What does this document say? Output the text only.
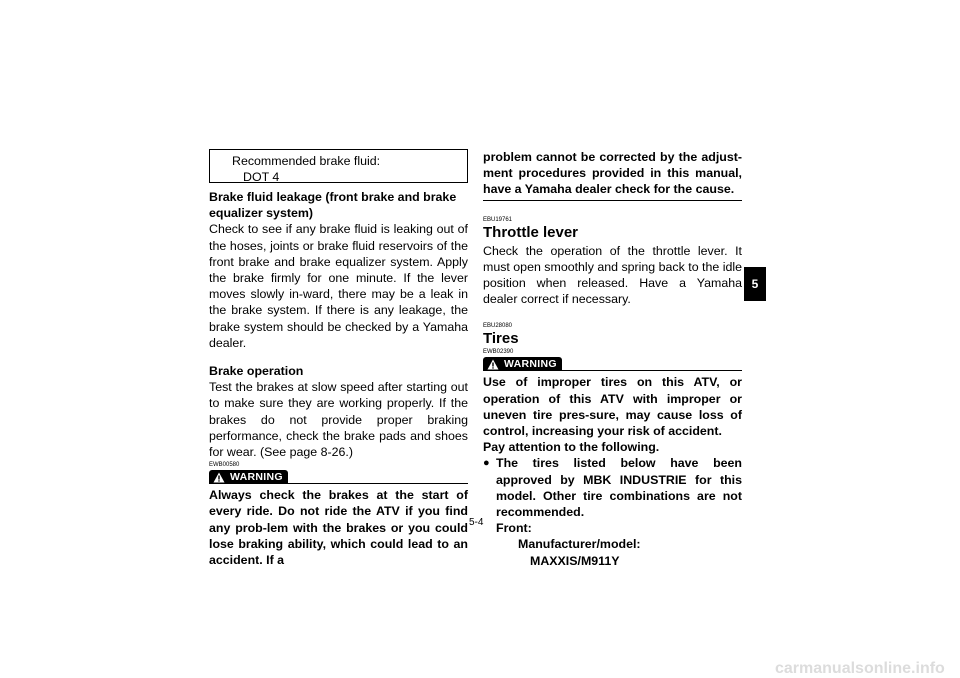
Recommended brake fluid:
DOT 4
Brake fluid leakage (front brake and brake equalizer system)
Check to see if any brake fluid is leaking out of the hoses, joints or brake fluid reservoirs of the front brake and brake equalizer system. Apply the brake firmly for one minute. If the lever moves slowly in-ward, there may be a leak in the brake system. If there is any leakage, the brake system should be checked by a Yamaha dealer.
Brake operation
Test the brakes at slow speed after starting out to make sure they are working properly. If the brakes do not provide proper braking performance, check the brake pads and shoes for wear. (See page 8-26.)
EWB00580
WARNING
Always check the brakes at the start of every ride. Do not ride the ATV if you find any prob-lem with the brakes or you could lose braking ability, which could lead to an accident. If a
problem cannot be corrected by the adjust-ment procedures provided in this manual, have a Yamaha dealer check for the cause.
EBU19761
Throttle lever
Check the operation of the throttle lever. It must open smoothly and spring back to the idle position when released. Have a Yamaha dealer correct if necessary.
EBU28080
Tires
EWB02390
WARNING
Use of improper tires on this ATV, or operation of this ATV with improper or uneven tire pres-sure, may cause loss of control, increasing your risk of accident.
Pay attention to the following.
● The tires listed below have been approved by MBK INDUSTRIE for this model. Other tire combinations are not recommended.
Front:
Manufacturer/model:
MAXXIS/M911Y
5
5-4
carmanualsonline.info
